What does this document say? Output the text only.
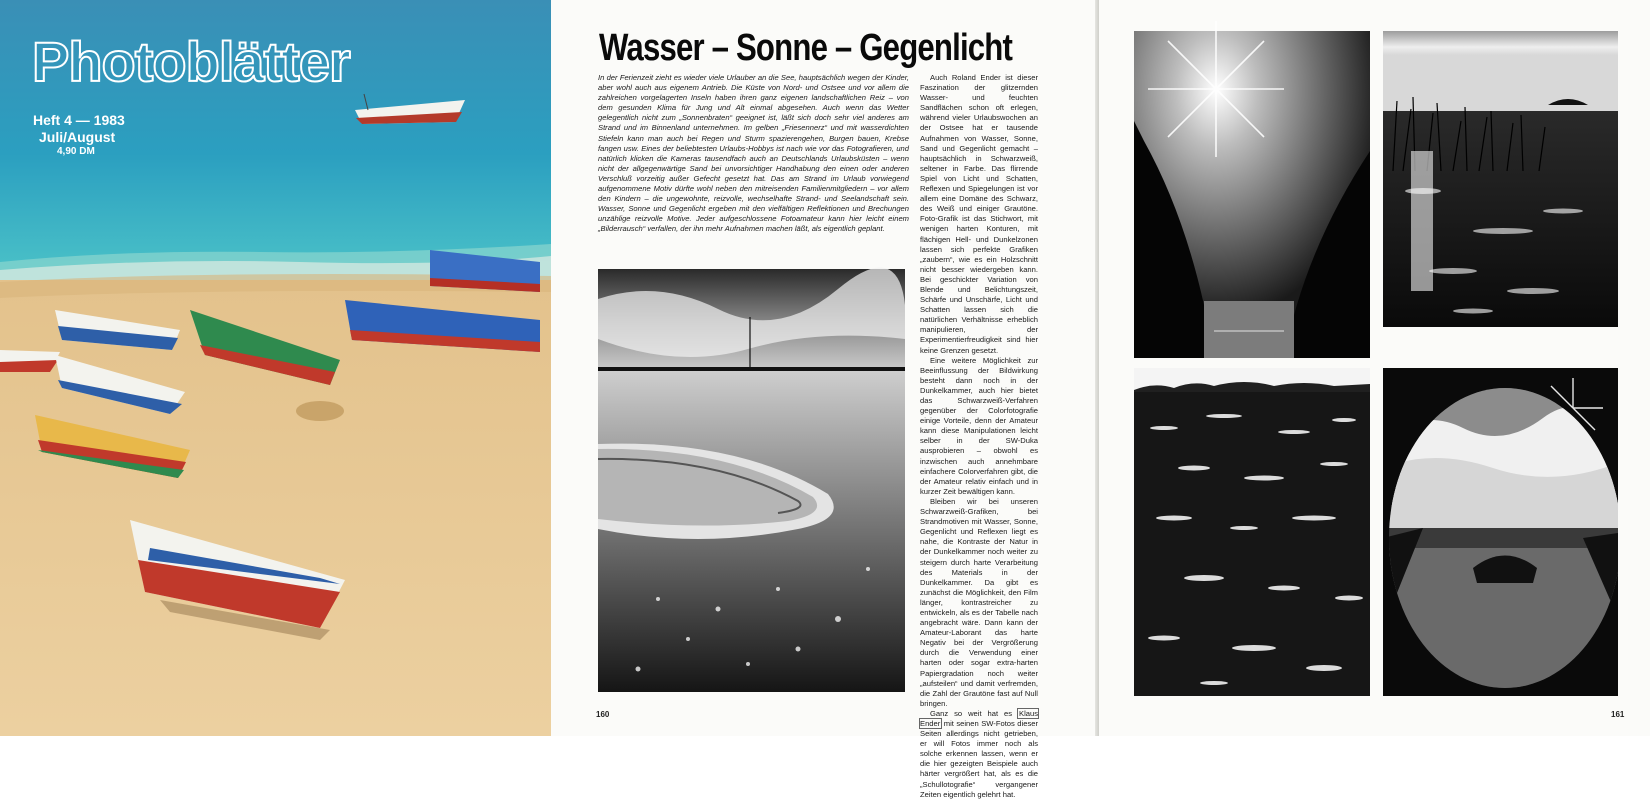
Photoblätter
Heft 4 — 1983
Juli/August
4,90 DM
Wasser – Sonne – Gegenlicht

In der Ferienzeit zieht es wieder viele Urlauber an die See, hauptsächlich wegen der Kinder, aber wohl auch aus eigenem Antrieb. Die Küste von Nord- und Ostsee und vor allem die zahlreichen vorgelagerten Inseln haben ihren ganz eigenen landschaftlichen Reiz – von dem gesunden Klima für Jung und Alt einmal abgesehen. Auch wenn das Wetter gelegentlich nicht zum „Sonnenbraten“ geeignet ist, läßt sich doch sehr viel anderes am Strand und im Binnenland unternehmen. Im gelben „Friesennerz“ und mit wasserdichten Stiefeln kann man auch bei Regen und Sturm spazierengehen, Burgen bauen, Krebse fangen usw. Eines der beliebtesten Urlaubs-Hobbys ist nach wie vor das Fotografieren, und natürlich klicken die Kameras tausendfach auch an Deutschlands Urlaubsküsten – wenn nicht der allgegenwärtige Sand bei unvorsichtiger Handhabung den einen oder anderen Verschluß vorzeitig außer Gefecht gesetzt hat. Das am Strand im Urlaub vorwiegend aufgenommene Motiv dürfte wohl neben den mitreisenden Familienmitgliedern – vor allem den Kindern – die ungewohnte, reizvolle, wechselhafte Strand- und Seelandschaft sein. Wasser, Sonne und Gegenlicht ergeben mit den vielfältigen Reflektionen und Brechungen unzählige reizvolle Motive. Jeder aufgeschlossene Fotoamateur kann hier leicht einem „Bilderrausch“ verfallen, der ihn mehr Aufnahmen machen läßt, als eigentlich geplant.

Auch Roland Ender ist dieser Faszination der glitzernden Wasser- und feuchten Sandflächen schon oft erlegen, während vieler Urlaubswochen an der Ostsee hat er tausende Aufnahmen von Wasser, Sonne, Sand und Gegenlicht gemacht – hauptsächlich in Schwarzweiß, seltener in Farbe. Das flirrende Spiel von Licht und Schatten, Reflexen und Spiegelungen ist vor allem eine Domäne des Schwarz, des Weiß und einiger Grautöne. Foto-Grafik ist das Stichwort, mit wenigen harten Konturen, mit flächigen Hell- und Dunkelzonen lassen sich perfekte Grafiken „zaubern“, wie es ein Holzschnitt nicht besser wiedergeben kann. Bei geschickter Variation von Blende und Belichtungszeit, Schärfe und Unschärfe, Licht und Schatten lassen sich die natürlichen Verhältnisse erheblich manipulieren, der Experimentierfreudigkeit sind hier keine Grenzen gesetzt.

Eine weitere Möglichkeit zur Beeinflussung der Bildwirkung besteht dann noch in der Dunkelkammer, auch hier bietet das Schwarzweiß-Verfahren gegenüber der Colorfotografie einige Vorteile, denn der Amateur kann diese Manipulationen leicht selber in der SW-Duka ausprobieren – obwohl es inzwischen auch annehmbare einfachere Colorverfahren gibt, die der Amateur relativ einfach und in kurzer Zeit bewältigen kann.

Bleiben wir bei unseren Schwarzweiß-Grafiken, bei Strandmotiven mit Wasser, Sonne, Gegenlicht und Reflexen liegt es nahe, die Kontraste der Natur in der Dunkelkammer noch weiter zu steigern durch harte Verarbeitung des Materials in der Dunkelkammer. Da gibt es zunächst die Möglichkeit, den Film länger, kontrastreicher zu entwickeln, als es der Tabelle nach angebracht wäre. Dann kann der Amateur-Laborant das harte Negativ bei der Vergrößerung durch die Verwendung einer harten oder sogar extra-harten Papiergradation noch weiter „aufsteilen“ und damit verfremden, die Zahl der Grautöne fast auf Null bringen.

Ganz so weit hat es Klaus Ender mit seinen SW-Fotos dieser Seiten allerdings nicht getrieben, er will Fotos immer noch als solche erkennen lassen, wenn er die hier gezeigten Beispiele auch härter vergrößert hat, als es die „Schullotografie“ vergangener Zeiten eigentlich gelehrt hat.

160	161
